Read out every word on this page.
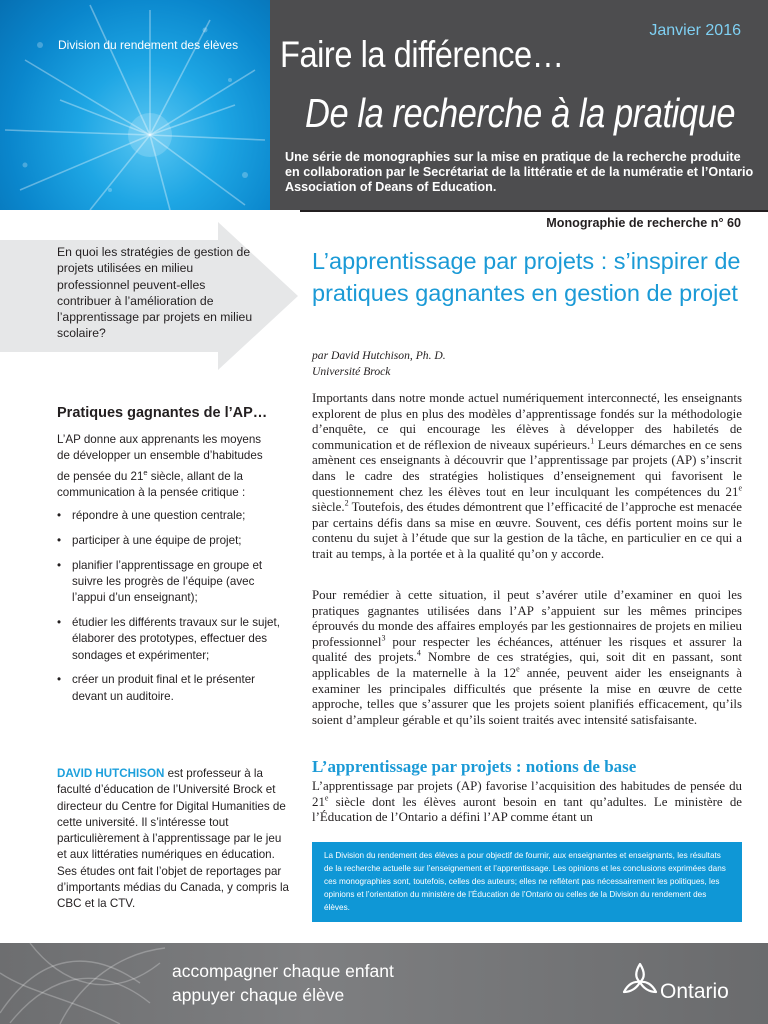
Division du rendement des élèves
Janvier 2016
Faire la différence…
De la recherche à la pratique
Une série de monographies sur la mise en pratique de la recherche produite en collaboration par le Secrétariat de la littératie et de la numératie et l’Ontario Association of Deans of Education.
Monographie de recherche n° 60
En quoi les stratégies de gestion de projets utilisées en milieu professionnel peuvent-elles contribuer à l’amélioration de l’apprentissage par projets en milieu scolaire?
Pratiques gagnantes de l’AP…
L’AP donne aux apprenants les moyens de développer un ensemble d’habitudes de pensée du 21e siècle, allant de la communication à la pensée critique :
• répondre à une question centrale;
• participer à une équipe de projet;
• planifier l’apprentissage en groupe et suivre les progrès de l’équipe (avec l’appui d’un enseignant);
• étudier les différents travaux sur le sujet, élaborer des prototypes, effectuer des sondages et expérimenter;
• créer un produit final et le présenter devant un auditoire.
DAVID HUTCHISON est professeur à la faculté d’éducation de l’Université Brock et directeur du Centre for Digital Humanities de cette université. Il s’intéresse tout particulièrement à l’apprentissage par le jeu et aux littératies numériques en éducation. Ses études ont fait l’objet de reportages par d’importants médias du Canada, y compris la CBC et la CTV.
L’apprentissage par projets : s’inspirer de pratiques gagnantes en gestion de projet
par David Hutchison, Ph. D.
Université Brock
Importants dans notre monde actuel numériquement interconnecté, les enseignants explorent de plus en plus des modèles d’apprentissage fondés sur la méthodologie d’enquête, ce qui encourage les élèves à développer des habiletés de communication et de réflexion de niveaux supérieurs.$^1$ Leurs démarches en ce sens amènent ces enseignants à découvrir que l’apprentissage par projets (AP) s’inscrit dans le cadre des stratégies holistiques d’enseignement qui favorisent le questionnement chez les élèves tout en leur inculquant les compétences du 21e siècle.$^2$ Toutefois, des études démontrent que l’efficacité de l’approche est menacée par certains défis dans sa mise en œuvre. Souvent, ces défis portent moins sur le contenu du sujet à l’étude que sur la gestion de la tâche, en particulier en ce qui a trait au temps, à la portée et à la qualité qu’on y accorde.
Pour remédier à cette situation, il peut s’avérer utile d’examiner en quoi les pratiques gagnantes utilisées dans l’AP s’appuient sur les mêmes principes éprouvés du monde des affaires employés par les gestionnaires de projets en milieu professionnel$^3$ pour respecter les échéances, atténuer les risques et assurer la qualité des projets.$^4$ Nombre de ces stratégies, qui, soit dit en passant, sont applicables de la maternelle à la 12e année, peuvent aider les enseignants à examiner les principales difficultés que présente la mise en œuvre de cette approche, telles que s’assurer que les projets soient planifiés efficacement, qu’ils soient d’ampleur gérable et qu’ils soient traités avec intensité satisfaisante.
L’apprentissage par projets : notions de base
L’apprentissage par projets (AP) favorise l’acquisition des habitudes de pensée du 21e siècle dont les élèves auront besoin en tant qu’adultes. Le ministère de l’Éducation de l’Ontario a défini l’AP comme étant un
La Division du rendement des élèves a pour objectif de fournir, aux enseignantes et enseignants, les résultats de la recherche actuelle sur l’enseignement et l’apprentissage. Les opinions et les conclusions exprimées dans ces monographies sont, toutefois, celles des auteurs; elles ne reflètent pas nécessairement les politiques, les opinions et l’orientation du ministère de l’Éducation de l’Ontario ou celles de la Division du rendement des élèves.
accompagner chaque enfant
appuyer chaque élève	Ontario
